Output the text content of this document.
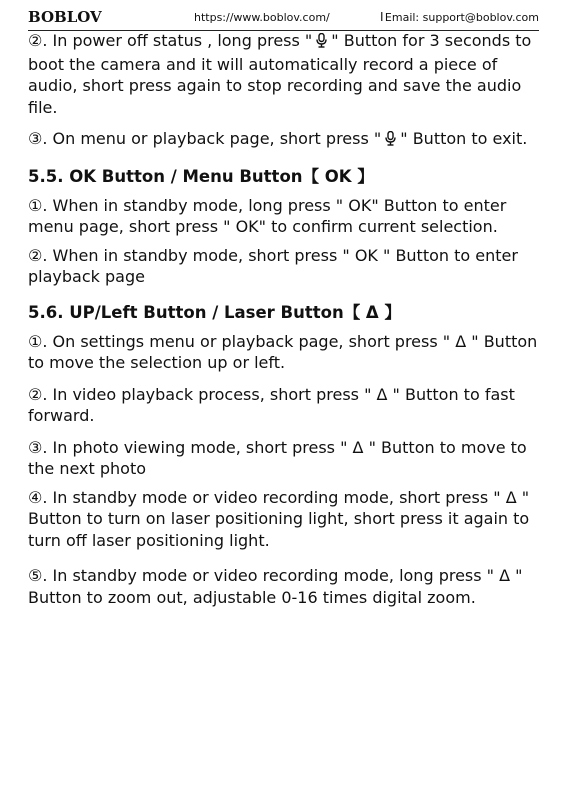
BOBLOV	https://www.boblov.com/	I Email: support@boblov.com

②. In power off status , long press " " Button for 3 seconds to boot the camera and it will automatically record a piece of audio, short press again to stop recording and save the audio file.

③. On menu or playback page, short press " " Button to exit.

5.5. OK Button / Menu Button【 OK 】

①. When in standby mode, long press " OK" Button to enter menu page, short press " OK" to confirm current selection.

②. When in standby mode, short press " OK " Button to enter playback page

5.6. UP/Left Button / Laser Button【 Δ 】

①. On settings menu or playback page, short press " Δ " Button to move the selection up or left.

②. In video playback process, short press " Δ " Button to fast forward.

③. In photo viewing mode, short press " Δ " Button to move to the next photo

④. In standby mode or video recording mode, short press " Δ " Button to turn on laser positioning light, short press it again to turn off laser positioning light.

⑤. In standby mode or video recording mode, long press " Δ " Button to zoom out, adjustable 0-16 times digital zoom.
